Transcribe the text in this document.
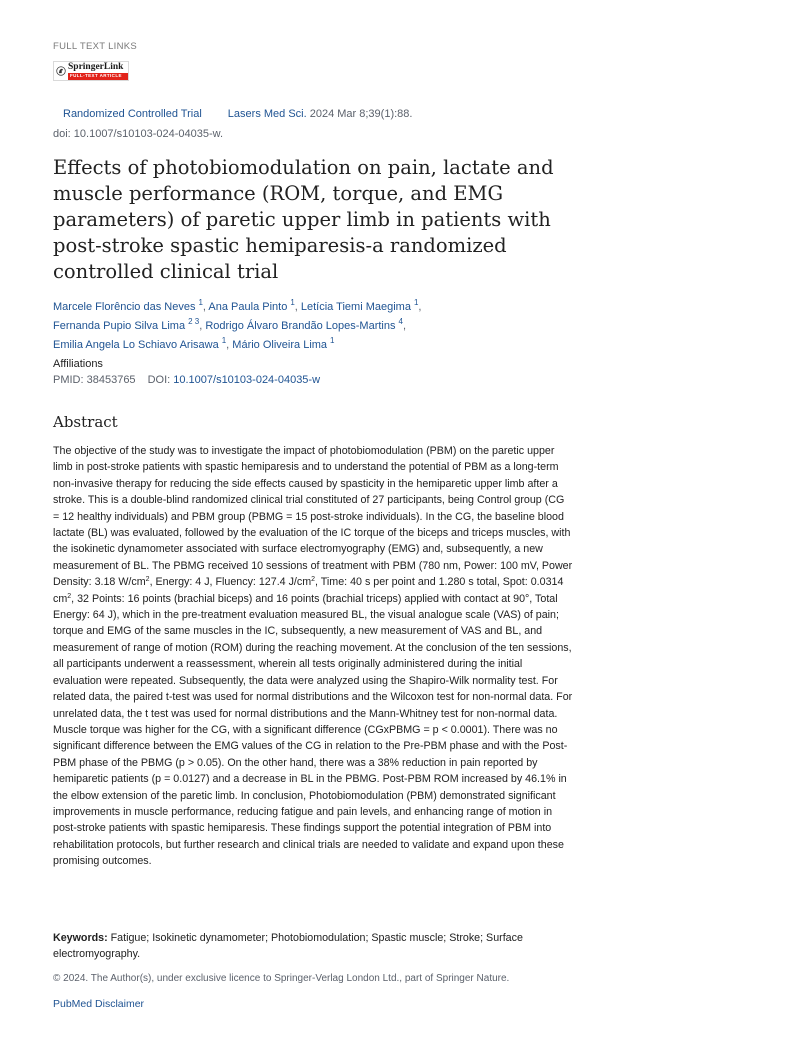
FULL TEXT LINKS
SpringerLink
FULL-TEXT ARTICLE
Randomized Controlled Trial Lasers Med Sci. 2024 Mar 8;39(1):88.
doi: 10.1007/s10103-024-04035-w.
Effects of photobiomodulation on pain, lactate and muscle performance (ROM, torque, and EMG parameters) of paretic upper limb in patients with post-stroke spastic hemiparesis-a randomized controlled clinical trial
Marcele Florêncio das Neves $^1$, Ana Paula Pinto $^1$, Letícia Tiemi Maegima $^1$,
Fernanda Pupio Silva Lima $^{2 3}$, Rodrigo Álvaro Brandão Lopes-Martins $^4$,
Emilia Angela Lo Schiavo Arisawa $^1$, Mário Oliveira Lima $^1$
Affiliations
PMID: 38453765 DOI: 10.1007/s10103-024-04035-w
Abstract

The objective of the study was to investigate the impact of photobiomodulation (PBM) on the paretic upper limb in post-stroke patients with spastic hemiparesis and to understand the potential of PBM as a long-term non-invasive therapy for reducing the side effects caused by spasticity in the hemiparetic upper limb after a stroke. This is a double-blind randomized clinical trial constituted of 27 participants, being Control group (CG = 12 healthy individuals) and PBM group (PBMG = 15 post-stroke individuals). In the CG, the baseline blood lactate (BL) was evaluated, followed by the evaluation of the IC torque of the biceps and triceps muscles, with the isokinetic dynamometer associated with surface electromyography (EMG) and, subsequently, a new measurement of BL. The PBMG received 10 sessions of treatment with PBM (780 nm, Power: 100 mV, Power Density: 3.18 $W/cm^2$, Energy: 4 J, Fluency: 127.4 $J/cm^2$, Time: 40 s per point and 1.280 s total, Spot: 0.0314 $cm^2$, 32 Points: 16 points (brachial biceps) and 16 points (brachial triceps) applied with contact at 90°, Total Energy: 64 J), which in the pre-treatment evaluation measured BL, the visual analogue scale (VAS) of pain; torque and EMG of the same muscles in the IC, subsequently, a new measurement of VAS and BL, and measurement of range of motion (ROM) during the reaching movement. At the conclusion of the ten sessions, all participants underwent a reassessment, wherein all tests originally administered during the initial evaluation were repeated. Subsequently, the data were analyzed using the Shapiro-Wilk normality test. For related data, the paired t-test was used for normal distributions and the Wilcoxon test for non-normal data. For unrelated data, the t test was used for normal distributions and the Mann-Whitney test for non-normal data. Muscle torque was higher for the CG, with a significant difference (CGxPBMG = p < 0.0001). There was no significant difference between the EMG values of the CG in relation to the Pre-PBM phase and with the Post-PBM phase of the PBMG (p > 0.05). On the other hand, there was a 38% reduction in pain reported by hemiparetic patients (p = 0.0127) and a decrease in BL in the PBMG. Post-PBM ROM increased by 46.1% in the elbow extension of the paretic limb. In conclusion, Photobiomodulation (PBM) demonstrated significant improvements in muscle performance, reducing fatigue and pain levels, and enhancing range of motion in post-stroke patients with spastic hemiparesis. These findings support the potential integration of PBM into rehabilitation protocols, but further research and clinical trials are needed to validate and expand upon these promising outcomes.

Keywords: Fatigue; Isokinetic dynamometer; Photobiomodulation; Spastic muscle; Stroke; Surface electromyography.

© 2024. The Author(s), under exclusive licence to Springer-Verlag London Ltd., part of Springer Nature.
PubMed Disclaimer
